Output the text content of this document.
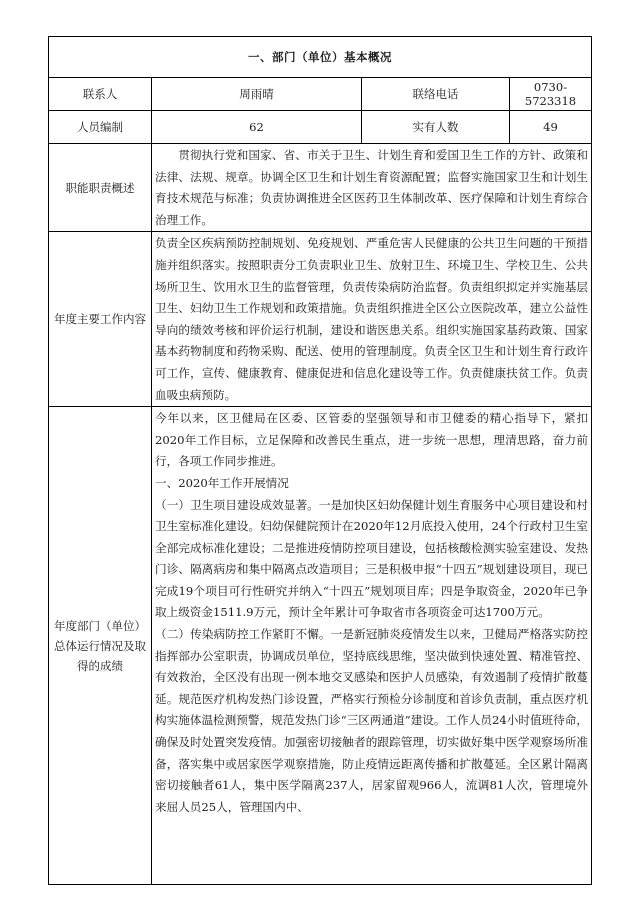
一、部门（单位）基本概况			
联系人	周雨晴	联络电话	0730-5723318
人员编制	62	实有人数	49
职能职责概述	贯彻执行党和国家、省、市关于卫生、计划生育和爱国卫生工作的方针、政策和法律、法规、规章。协调全区卫生和计划生育资源配置；监督实施国家卫生和计划生育技术规范与标准；负责协调推进全区医药卫生体制改革、医疗保障和计划生育综合治理工作。		

年度主要工作内容	负责全区疾病预防控制规划、免疫规划、严重危害人民健康的公共卫生问题的干预措施并组织落实。按照职责分工负责职业卫生、放射卫生、环境卫生、学校卫生、公共场所卫生、饮用水卫生的监督管理，负责传染病防治监督。负责组织拟定并实施基层卫生、妇幼卫生工作规划和政策措施。负责组织推进全区公立医院改革，建立公益性导向的绩效考核和评价运行机制，建设和谐医患关系。组织实施国家基药政策、国家基本药物制度和药物采购、配送、使用的管理制度。负责全区卫生和计划生育行政许可工作，宣传、健康教育、健康促进和信息化建设等工作。负责健康扶贫工作。负责血吸虫病预防。		

年度部门（单位）总体运行情况及取得的成绩	今年以来，区卫健局在区委、区管委的坚强领导和市卫健委的精心指导下，紧扣2020年工作目标，立足保障和改善民生重点，进一步统一思想，理清思路，奋力前行，各项工作同步推进。

一、2020年工作开展情况

（一）卫生项目建设成效显著。一是加快区妇幼保健计划生育服务中心项目建设和村卫生室标准化建设。妇幼保健院预计在2020年12月底投入使用，24个行政村卫生室全部完成标准化建设；二是推进疫情防控项目建设，包括核酸检测实验室建设、发热门诊、隔离病房和集中隔离点改造项目；三是积极申报“十四五”规划建设项目，现已完成19个项目可行性研究并纳入“十四五”规划项目库；四是争取资金，2020年已争取上级资金1511.9万元，预计全年累计可争取省市各项资金可达1700万元。

（二）传染病防控工作紧盯不懈。一是新冠肺炎疫情发生以来，卫健局严格落实防控指挥部办公室职责，协调成员单位，坚持底线思维，坚决做到快速处置、精准管控、有效救治，全区没有出现一例本地交叉感染和医护人员感染，有效遏制了疫情扩散蔓延。规范医疗机构发热门诊设置，严格实行预检分诊制度和首诊负责制，重点医疗机构实施体温检测预警，规范发热门诊“三区两通道”建设。工作人员24小时值班待命，确保及时处置突发疫情。加强密切接触者的跟踪管理，切实做好集中医学观察场所准备，落实集中或居家医学观察措施，防止疫情远距离传播和扩散蔓延。全区累计隔离密切接触者61人，集中医学隔离237人，居家留观966人，流调81人次，管理境外来屈人员25人，管理国内中、		
